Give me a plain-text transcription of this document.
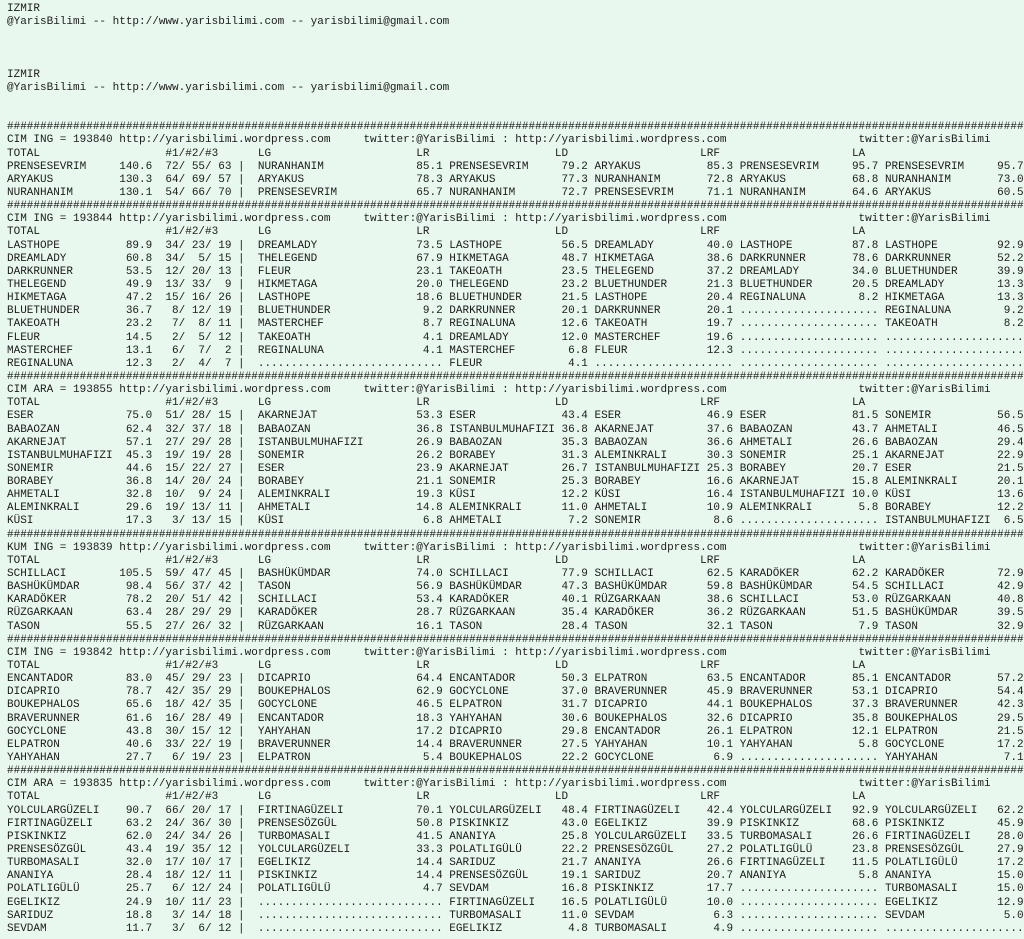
IZMIR
@YarisBilimi -- http://www.yarisbilimi.com -- yarisbilimi@gmail.com
IZMIR
@YarisBilimi -- http://www.yarisbilimi.com -- yarisbilimi@gmail.com
##########################################################################################################################################################
CIM ING = 193840 http://yarisbilimi.wordpress.com     twitter:@YarisBilimi : http://yarisbilimi.wordpress.com                    twitter:@YarisBilimi
TOTAL                   #1/#2/#3      LG                      LR                   LD                    LRF                    LA
PRENSESEVRIM     140.6  72/ 55/ 63 |  NURANHANIM              85.1 PRENSESEVRIM     79.2 ARYAKUS          85.3 PRENSESEVRIM     95.7 PRENSESEVRIM     95.7
ARYAKUS          130.3  64/ 69/ 57 |  ARYAKUS                 78.3 ARYAKUS          77.3 NURANHANIM       72.8 ARYAKUS          68.8 NURANHANIM       73.0
NURANHANIM       130.1  54/ 66/ 70 |  PRENSESEVRIM            65.7 NURANHANIM       72.7 PRENSESEVRIM     71.1 NURANHANIM       64.6 ARYAKUS          60.5
##########################################################################################################################################################
CIM ING = 193844 http://yarisbilimi.wordpress.com     twitter:@YarisBilimi : http://yarisbilimi.wordpress.com                    twitter:@YarisBilimi
TOTAL                   #1/#2/#3      LG                      LR                   LD                    LRF                    LA
LASTHOPE          89.9  34/ 23/ 19 |  DREAMLADY               73.5 LASTHOPE         56.5 DREAMLADY        40.0 LASTHOPE         87.8 LASTHOPE         92.9
DREAMLADY         60.8  34/  5/ 15 |  THELEGEND               67.9 HIKMETAGA        48.7 HIKMETAGA        38.6 DARKRUNNER       78.6 DARKRUNNER       52.2
DARKRUNNER        53.5  12/ 20/ 13 |  FLEUR                   23.1 TAKEOATH         23.5 THELEGEND        37.2 DREAMLADY        34.0 BLUETHUNDER      39.9
THELEGEND         49.9  13/ 33/  9 |  HIKMETAGA               20.0 THELEGEND        23.2 BLUETHUNDER      21.3 BLUETHUNDER      20.5 DREAMLADY        13.3
HIKMETAGA         47.2  15/ 16/ 26 |  LASTHOPE                18.6 BLUETHUNDER      21.5 LASTHOPE         20.4 REGINALUNA        8.2 HIKMETAGA        13.3
BLUETHUNDER       36.7   8/ 12/ 19 |  BLUETHUNDER              9.2 DARKRUNNER       20.1 DARKRUNNER       20.1 ..................... REGINALUNA        9.2
TAKEOATH          23.2   7/  8/ 11 |  MASTERCHEF               8.7 REGINALUNA       12.6 TAKEOATH         19.7 ..................... TAKEOATH          8.2
FLEUR             14.5   2/  5/ 12 |  TAKEOATH                 4.1 DREAMLADY        12.0 MASTERCHEF       19.6 ..................... .....................
MASTERCHEF        13.1   6/  7/  2 |  REGINALUNA               4.1 MASTERCHEF        6.8 FLEUR            12.3 ..................... .....................
REGINALUNA        12.3   2/  4/  7 |  ............................ FLEUR             4.1 ..................... ..................... .....................
##########################################################################################################################################################
CIM ARA = 193855 http://yarisbilimi.wordpress.com     twitter:@YarisBilimi : http://yarisbilimi.wordpress.com                    twitter:@YarisBilimi
TOTAL                   #1/#2/#3      LG                      LR                   LD                    LRF                    LA
ESER              75.0  51/ 28/ 15 |  AKARNEJAT               53.3 ESER             43.4 ESER             46.9 ESER             81.5 SONEMIR          56.5
BABAOZAN          62.4  32/ 37/ 18 |  BABAOZAN                36.8 ISTANBULMUHAFIZI 36.8 AKARNEJAT        37.6 BABAOZAN         43.7 AHMETALI         46.5
AKARNEJAT         57.1  27/ 29/ 28 |  ISTANBULMUHAFIZI        26.9 BABAOZAN         35.3 BABAOZAN         36.6 AHMETALI         26.6 BABAOZAN         29.4
ISTANBULMUHAFIZI  45.3  19/ 19/ 28 |  SONEMIR                 26.2 BORABEY          31.3 ALEMINKRALI      30.3 SONEMIR          25.1 AKARNEJAT        22.9
SONEMIR           44.6  15/ 22/ 27 |  ESER                    23.9 AKARNEJAT        26.7 ISTANBULMUHAFIZI 25.3 BORABEY          20.7 ESER             21.5
BORABEY           36.8  14/ 20/ 24 |  BORABEY                 21.1 SONEMIR          25.3 BORABEY          16.6 AKARNEJAT        15.8 ALEMINKRALI      20.1
AHMETALI          32.8  10/  9/ 24 |  ALEMINKRALI             19.3 KÜSI             12.2 KÜSI             16.4 ISTANBULMUHAFIZI 10.0 KÜSI             13.6
ALEMINKRALI       29.6  19/ 13/ 11 |  AHMETALI                14.8 ALEMINKRALI      11.0 AHMETALI         10.9 ALEMINKRALI       5.8 BORABEY          12.2
KÜSI              17.3   3/ 13/ 15 |  KÜSI                     6.8 AHMETALI          7.2 SONEMIR           8.6 ..................... ISTANBULMUHAFIZI  6.5
##########################################################################################################################################################
KUM ING = 193839 http://yarisbilimi.wordpress.com     twitter:@YarisBilimi : http://yarisbilimi.wordpress.com                    twitter:@YarisBilimi
TOTAL                   #1/#2/#3      LG                      LR                   LD                    LRF                    LA
SCHILLACI        105.5  59/ 47/ 45 |  BASHÜKÜMDAR             74.0 SCHILLACI        77.9 SCHILLACI        62.5 KARADÖKER        62.2 KARADÖKER        72.9
BASHÜKÜMDAR       98.4  56/ 37/ 42 |  TASON                   56.9 BASHÜKÜMDAR      47.3 BASHÜKÜMDAR      59.8 BASHÜKÜMDAR      54.5 SCHILLACI        42.9
KARADÖKER         78.2  20/ 51/ 42 |  SCHILLACI               53.4 KARADÖKER        40.1 RÜZGARKAAN       38.6 SCHILLACI        53.0 RÜZGARKAAN       40.8
RÜZGARKAAN        63.4  28/ 29/ 29 |  KARADÖKER               28.7 RÜZGARKAAN       35.4 KARADÖKER        36.2 RÜZGARKAAN       51.5 BASHÜKÜMDAR      39.5
TASON             55.5  27/ 26/ 32 |  RÜZGARKAAN              16.1 TASON            28.4 TASON            32.1 TASON             7.9 TASON            32.9
##########################################################################################################################################################
CIM ING = 193842 http://yarisbilimi.wordpress.com     twitter:@YarisBilimi : http://yarisbilimi.wordpress.com                    twitter:@YarisBilimi
TOTAL                   #1/#2/#3      LG                      LR                   LD                    LRF                    LA
ENCANTADOR        83.0  45/ 29/ 23 |  DICAPRIO                64.4 ENCANTADOR       50.3 ELPATRON         63.5 ENCANTADOR       85.1 ENCANTADOR       57.2
DICAPRIO          78.7  42/ 35/ 29 |  BOUKEPHALOS             62.9 GOCYCLONE        37.0 BRAVERUNNER      45.9 BRAVERUNNER      53.1 DICAPRIO         54.4
BOUKEPHALOS       65.6  18/ 42/ 35 |  GOCYCLONE               46.5 ELPATRON         31.7 DICAPRIO         44.1 BOUKEPHALOS      37.3 BRAVERUNNER      42.3
BRAVERUNNER       61.6  16/ 28/ 49 |  ENCANTADOR              18.3 YAHYAHAN         30.6 BOUKEPHALOS      32.6 DICAPRIO         35.8 BOUKEPHALOS      29.5
GOCYCLONE         43.8  30/ 15/ 12 |  YAHYAHAN                17.2 DICAPRIO         29.8 ENCANTADOR       26.1 ELPATRON         12.1 ELPATRON         21.5
ELPATRON          40.6  33/ 22/ 19 |  BRAVERUNNER             14.4 BRAVERUNNER      27.5 YAHYAHAN         10.1 YAHYAHAN          5.8 GOCYCLONE        17.2
YAHYAHAN          27.7   6/ 19/ 23 |  ELPATRON                 5.4 BOUKEPHALOS      22.2 GOCYCLONE         6.9 ..................... YAHYAHAN          7.1
##########################################################################################################################################################
CIM ARA = 193835 http://yarisbilimi.wordpress.com     twitter:@YarisBilimi : http://yarisbilimi.wordpress.com                    twitter:@YarisBilimi
TOTAL                   #1/#2/#3      LG                      LR                   LD                    LRF                    LA
YOLCULARGÜZELI    90.7  66/ 20/ 17 |  FIRTINAGÜZELI           70.1 YOLCULARGÜZELI   48.4 FIRTINAGÜZELI    42.4 YOLCULARGÜZELI   92.9 YOLCULARGÜZELI   62.2
FIRTINAGÜZELI     63.2  24/ 36/ 30 |  PRENSESÖZGÜL            50.8 PISKINKIZ        43.0 EGELIKIZ         39.9 PISKINKIZ        68.6 PISKINKIZ        45.9
PISKINKIZ         62.0  24/ 34/ 26 |  TURBOMASALI             41.5 ANANIYA          25.8 YOLCULARGÜZELI   33.5 TURBOMASALI      26.6 FIRTINAGÜZELI    28.0
PRENSESÖZGÜL      43.4  19/ 35/ 12 |  YOLCULARGÜZELI          33.3 POLATLIGÜLÜ      22.2 PRENSESÖZGÜL     27.2 POLATLIGÜLÜ      23.8 PRENSESÖZGÜL     27.9
TURBOMASALI       32.0  17/ 10/ 17 |  EGELIKIZ                14.4 SARIDUZ          21.7 ANANIYA          26.6 FIRTINAGÜZELI    11.5 POLATLIGÜLÜ      17.2
ANANIYA           28.4  18/ 12/ 11 |  PISKINKIZ               14.4 PRENSESÖZGÜL     19.1 SARIDUZ          20.7 ANANIYA           5.8 ANANIYA          15.0
POLATLIGÜLÜ       25.7   6/ 12/ 24 |  POLATLIGÜLÜ              4.7 SEVDAM           16.8 PISKINKIZ        17.7 ..................... TURBOMASALI      15.0
EGELIKIZ          24.9  10/ 11/ 23 |  ............................ FIRTINAGÜZELI    16.5 POLATLIGÜLÜ      10.0 ..................... EGELIKIZ         12.9
SARIDUZ           18.8   3/ 14/ 18 |  ............................ TURBOMASALI      11.0 SEVDAM            6.3 ..................... SEVDAM            5.0
SEVDAM            11.7   3/  6/ 12 |  ............................ EGELIKIZ          4.8 TURBOMASALI       4.9 ..................... .....................
